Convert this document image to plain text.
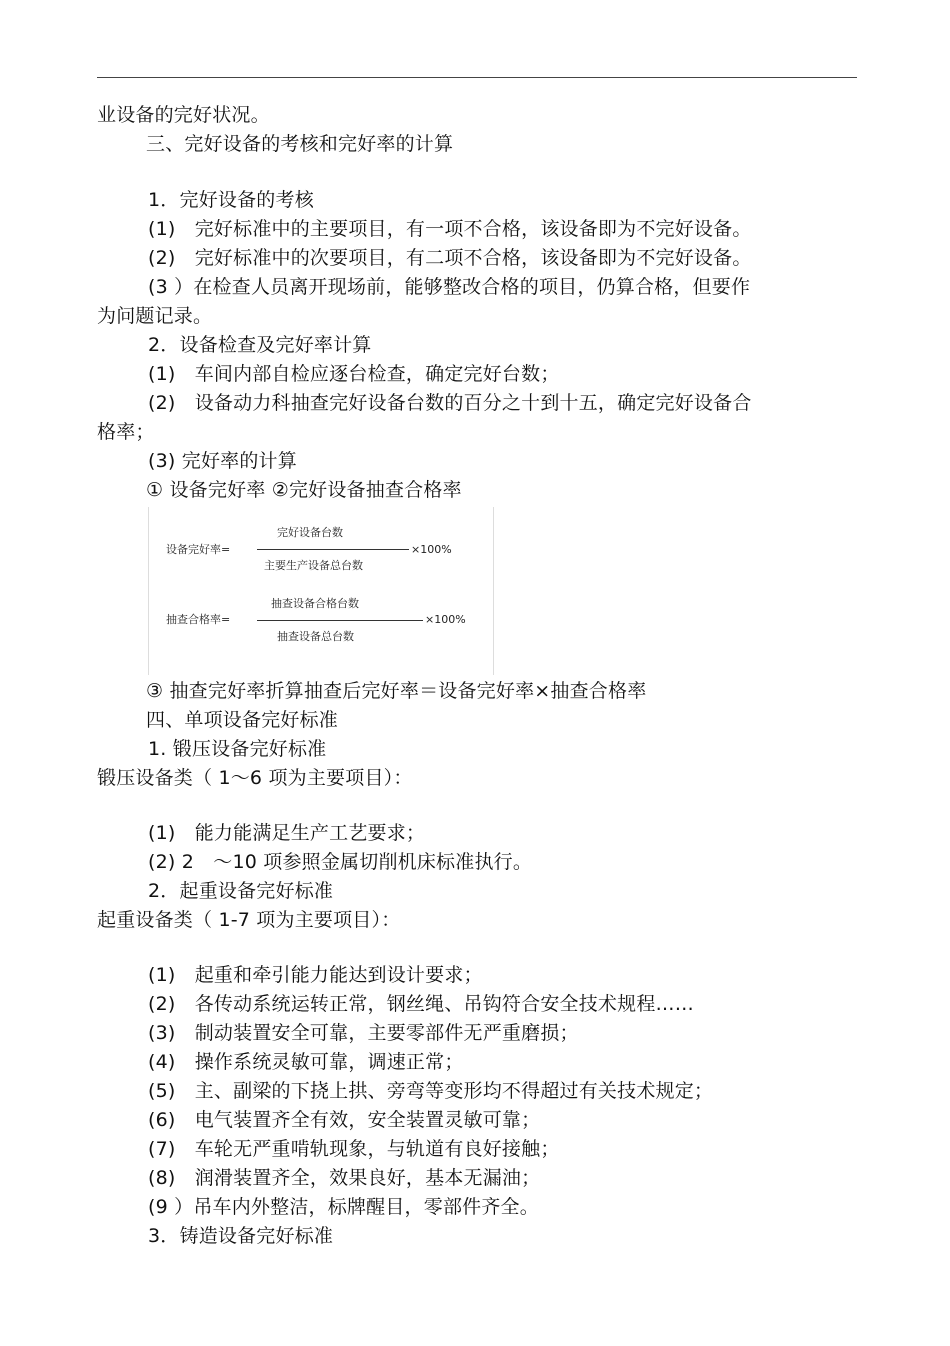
业设备的完好状况。
三、完好设备的考核和完好率的计算
1．完好设备的考核
(1)　完好标准中的主要项目，有一项不合格，该设备即为不完好设备。
(2)　完好标准中的次要项目，有二项不合格，该设备即为不完好设备。
(3 ）在检查人员离开现场前，能够整改合格的项目，仍算合格，但要作
为问题记录。
2．设备检查及完好率计算
(1)　车间内部自检应逐台检查，确定完好台数；
(2)　设备动力科抽查完好设备台数的百分之十到十五，确定完好设备合
格率；
(3) 完好率的计算
① 设备完好率 ②完好设备抽查合格率
完好设备台数
设备完好率=	×100%
主要生产设备总台数
抽查设备合格台数
抽查合格率=	×100%
抽查设备总台数
③ 抽查完好率折算抽查后完好率＝设备完好率×抽查合格率
四、单项设备完好标准
1. 锻压设备完好标准
锻压设备类（ 1～6 项为主要项目）：
(1)　能力能满足生产工艺要求；
(2) 2　～10 项参照金属切削机床标准执行。
2．起重设备完好标准
起重设备类（ 1-7 项为主要项目）：
(1)　起重和牵引能力能达到设计要求；
(2)　各传动系统运转正常，钢丝绳、吊钩符合安全技术规程……
(3)　制动装置安全可靠，主要零部件无严重磨损；
(4)　操作系统灵敏可靠，调速正常；
(5)　主、副梁的下挠上拱、旁弯等变形均不得超过有关技术规定；
(6)　电气装置齐全有效，安全装置灵敏可靠；
(7)　车轮无严重啃轨现象，与轨道有良好接触；
(8)　润滑装置齐全，效果良好，基本无漏油；
(9 ）吊车内外整洁，标牌醒目，零部件齐全。
3．铸造设备完好标准
